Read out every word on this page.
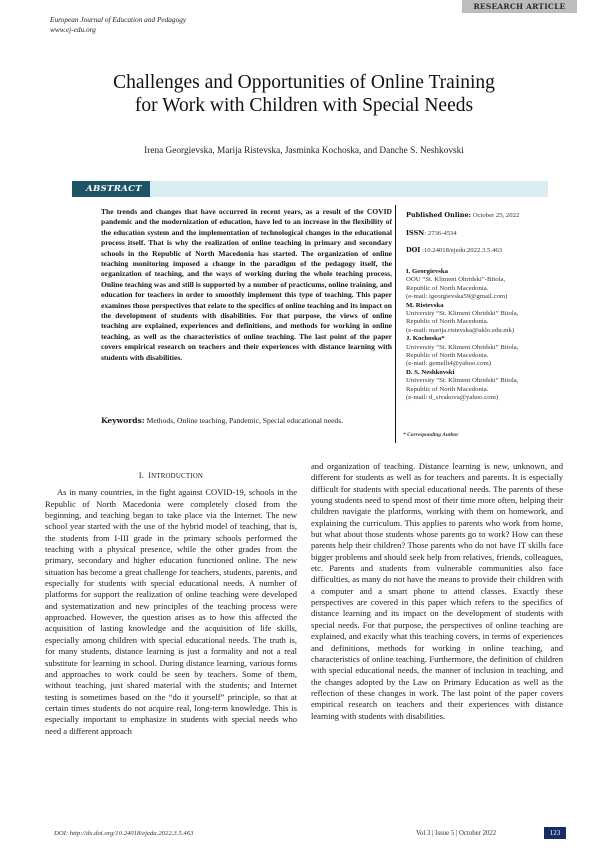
RESEARCH ARTICLE
European Journal of Education and Pedagogy
www.ej-edu.org
Challenges and Opportunities of Online Training
for Work with Children with Special Needs
Irena Georgievska, Marija Ristevska, Jasminka Kochoska, and Danche S. Neshkovski
ABSTRACT
The trends and changes that have occurred in recent years, as a result of the COVID pandemic and the modernization of education, have led to an increase in the flexibility of the education system and the implementation of technological changes in the educational process itself. That is why the realization of online teaching in primary and secondary schools in the Republic of North Macedonia has started. The organization of online teaching monitoring imposed a change in the paradigm of the pedagogy itself, the organization of teaching, and the ways of working during the whole teaching process. Online teaching was and still is supported by a number of practicums, online training, and education for teachers in order to smoothly implement this type of teaching. This paper examines those perspectives that relate to the specifics of online teaching and its impact on the development of students with disabilities. For that purpose, the views of online teaching are explained, experiences and definitions, and methods for working in online teaching, as well as the characteristics of online teaching. The last point of the paper covers empirical research on teachers and their experiences with distance learning with students with disabilities.
Keywords: Methods, Online teaching, Pandemic, Special educational needs.
Published Online: October 25, 2022
ISSN: 2736-4534
DOI :10.24018/ejedu.2022.3.5.463
I. Georgievska
OOU “St. Kliment Ohridski”-Bitola,
Republic of North Macedonia.
(e-mail: igeorgievska59@gmail.com)
M. Ristevska
University “St. Kliment Ohridski” Bitola,
Republic of North Macedonia.
(e-mail: marija.ristevska@uklo.edu.mk)
J. Kochoska*
University “St. Kliment Ohridski” Bitola,
Republic of North Macedonia.
(e-mail: gemelli4@yahoo.com)
D. S. Neshkovski
University “St. Kliment Ohridski” Bitola,
Republic of North Macedonia.
(e-mail: d_sivakova@yahoo.com)
* Corresponding Author
I. INTRODUCTION

As in many countries, in the fight against COVID-19, schools in the Republic of North Macedonia were completely closed from the beginning, and teaching began to take place via the Internet. The new school year started with the use of the hybrid model of teaching, that is, the students from I-III grade in the primary schools performed the teaching with a physical presence, while the other grades from the primary, secondary and higher education functioned online. The new situation has become a great challenge for teachers, students, parents, and especially for students with special educational needs. A number of platforms for support the realization of online teaching were developed and systematization and new principles of the teaching process were approached. However, the question arises as to how this affected the acquisition of lasting knowledge and the acquisition of life skills, especially among children with special educational needs. The truth is, for many students, distance learning is just a formality and not a real substitute for learning in school. During distance learning, various forms and approaches to work could be seen by teachers. Some of them, without teaching, just shared material with the students; and Internet testing is sometimes based on the “do it yourself” principle, so that at certain times students do not acquire real, long-term knowledge. This is especially important to emphasize in students with special needs who need a different approach

and organization of teaching. Distance learning is new, unknown, and different for students as well as for teachers and parents. It is especially difficult for students with special educational needs. The parents of these young students need to spend most of their time more often, helping their children navigate the platforms, working with them on homework, and explaining the curriculum. This applies to parents who work from home, but what about those students whose parents go to work? How can these parents help their children? Those parents who do not have IT skills face bigger problems and should seek help from relatives, friends, colleagues, etc. Parents and students from vulnerable communities also face difficulties, as many do not have the means to provide their children with a computer and a smart phone to attend classes. Exactly these perspectives are covered in this paper which refers to the specifics of distance learning and its impact on the development of students with special needs. For that purpose, the perspectives of online teaching are explained, and exactly what this teaching covers, in terms of experiences and definitions, methods for working in online teaching, and characteristics of online teaching. Furthermore, the definition of children with special educational needs, the manner of inclusion in teaching, and the changes adopted by the Law on Primary Education as well as the reflection of these changes in work. The last point of the paper covers empirical research on teachers and their experiences with distance learning with students with disabilities.

DOI: http://dx.doi.org/10.24018/ejedu.2022.3.5.463	Vol 3 | Issue 5 | October 2022	123
